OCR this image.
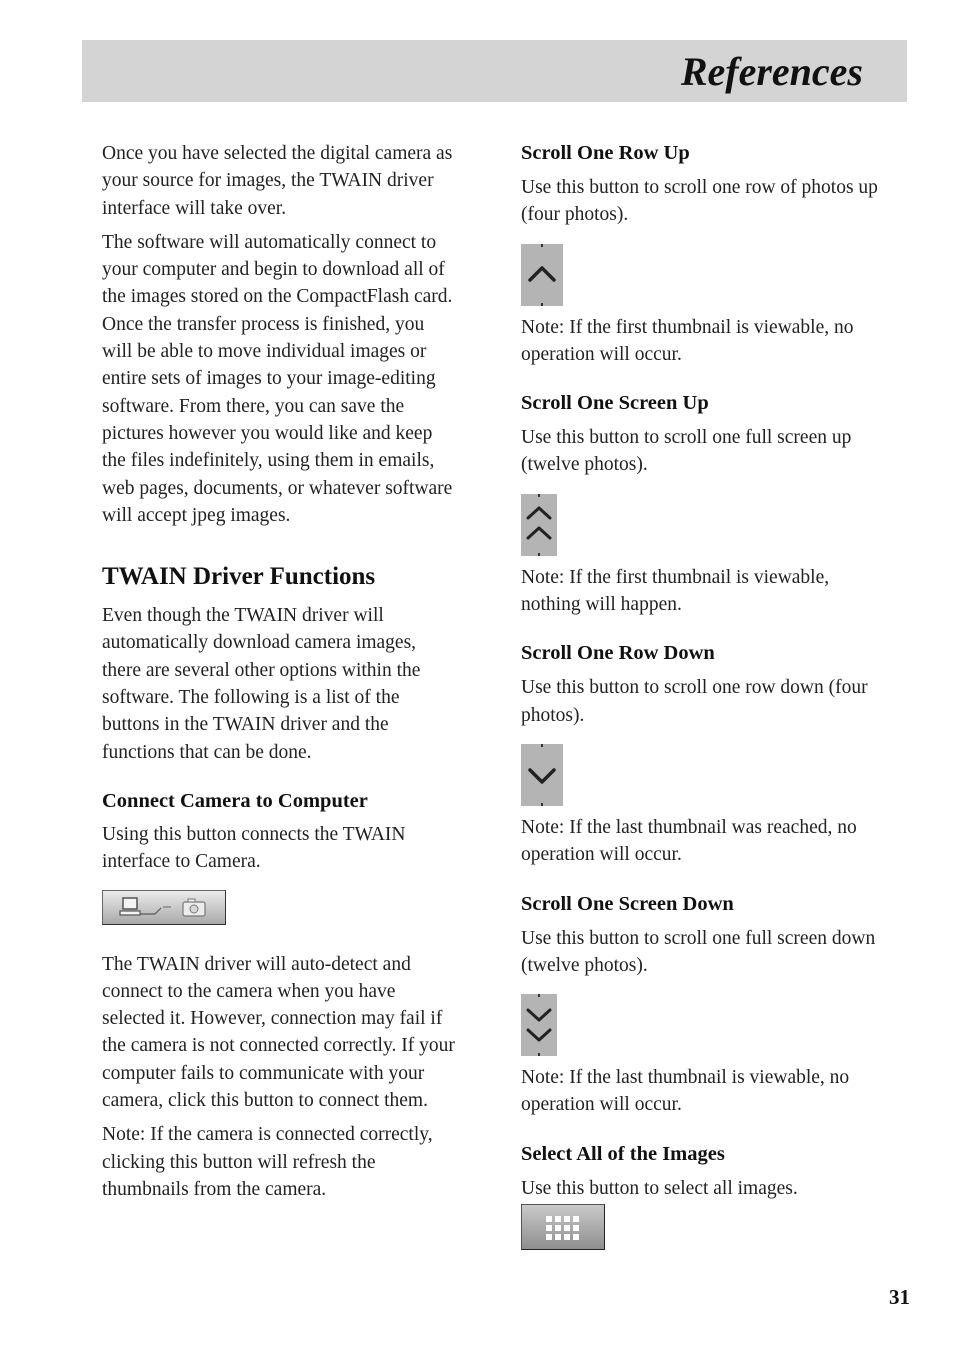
References

Once you have selected the digital camera as your source for images, the TWAIN driver interface will take over.

The software will automatically connect to your computer and begin to download all of the images stored on the CompactFlash card. Once the transfer process is finished, you will be able to move individual images or entire sets of images to your image-editing software. From there, you can save the pictures however you would like and keep the files indefinitely, using them in emails, web pages, documents, or whatever software will accept jpeg images.

TWAIN Driver Functions

Even though the TWAIN driver will automatically download camera images, there are several other options within the software. The following is a list of the buttons in the TWAIN driver and the functions that can be done.

Connect Camera to Computer

Using this button connects the TWAIN interface to Camera.

The TWAIN driver will auto-detect and connect to the camera when you have selected it. However, connection may fail if the camera is not connected correctly. If your computer fails to communicate with your camera, click this button to connect them.

Note: If the camera is connected correctly, clicking this button will refresh the thumbnails from the camera.

Scroll One Row Up

Use this button to scroll one row of photos up (four photos).

Note: If the first thumbnail is viewable, no operation will occur.

Scroll One Screen Up

Use this button to scroll one full screen up (twelve photos).

Note: If the first thumbnail is viewable, nothing will happen.

Scroll One Row Down

Use this button to scroll one row down (four photos).

Note: If the last thumbnail was reached, no operation will occur.

Scroll One Screen Down

Use this button to scroll one full screen down (twelve photos).

Note: If the last thumbnail is viewable, no operation will occur.

Select All of the Images

Use this button to select all images.

31
